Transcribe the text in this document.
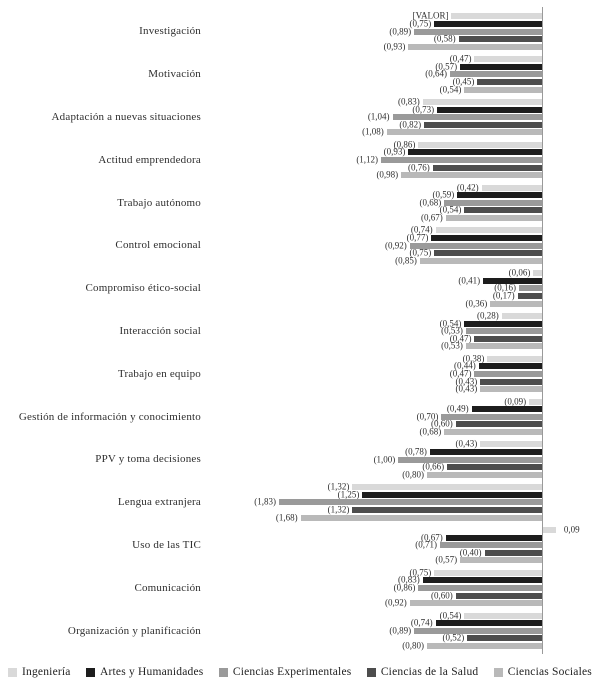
Investigación
[VALOR]
(0,75)
(0,89)
(0,58)
(0,93)
Motivación
(0,47)
(0,57)
(0,64)
(0,45)
(0,54)
Adaptación a nuevas situaciones
(0,83)
(0,73)
(1,04)
(0,82)
(1,08)
Actitud emprendedora
(0,86)
(0,93)
(1,12)
(0,76)
(0,98)
Trabajo autónomo
(0,42)
(0,59)
(0,68)
(0,54)
(0,67)
Control emocional
(0,74)
(0,77)
(0,92)
(0,75)
(0,85)
Compromiso ético-social
(0,06)
(0,41)
(0,16)
(0,17)
(0,36)
Interacción social
(0,28)
(0,54)
(0,53)
(0,47)
(0,53)
Trabajo en equipo
(0,38)
(0,44)
(0,47)
(0,43)
(0,43)
Gestión de información y conocimiento
(0,09)
(0,49)
(0,70)
(0,60)
(0,68)
PPV y toma decisiones
(0,43)
(0,78)
(1,00)
(0,66)
(0,80)
Lengua extranjera
(1,32)
(1,25)
(1,83)
(1,32)
(1,68)
Uso de las TIC
0,09
(0,67)
(0,71)
(0,40)
(0,57)
Comunicación
(0,75)
(0,83)
(0,86)
(0,60)
(0,92)
Organización y planificación
(0,54)
(0,74)
(0,89)
(0,52)
(0,80)
Ingeniería	Artes y Humanidades	Ciencias Experimentales	Ciencias de la Salud	Ciencias Sociales
